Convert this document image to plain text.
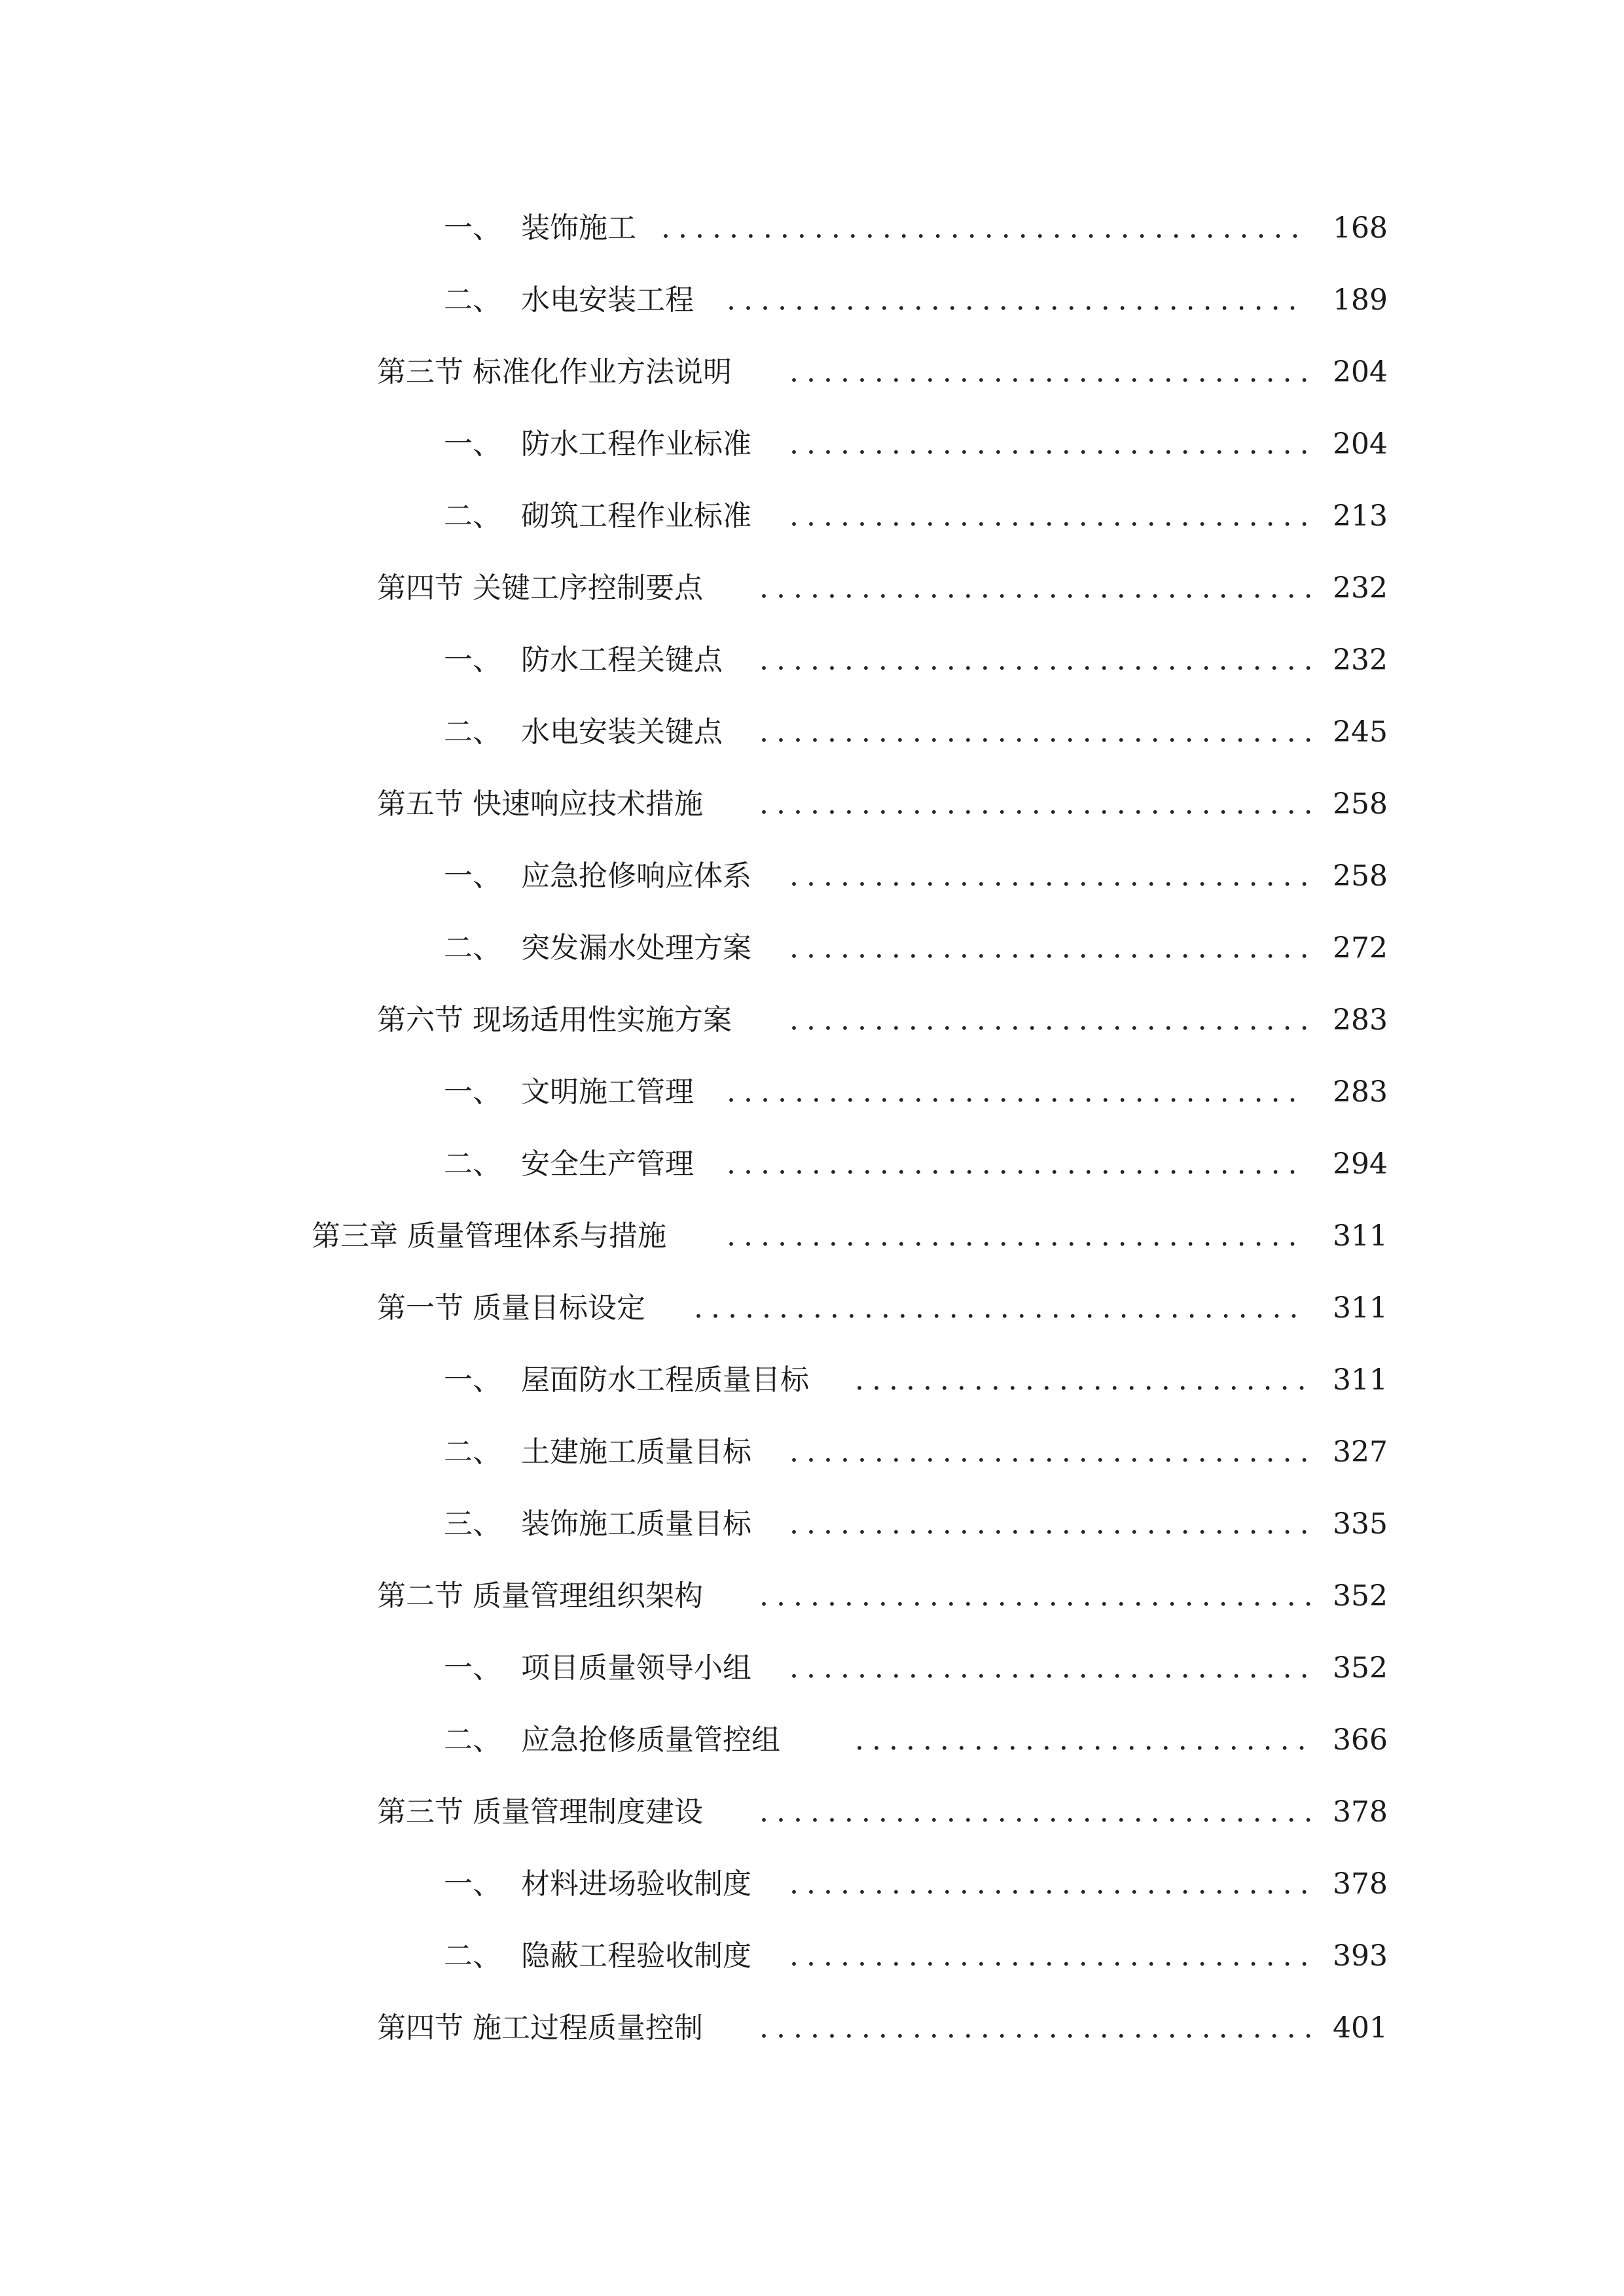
一、 装饰施工 ...................................... 168
二、 水电安装工程 .................................. 189
第三节 标准化作业方法说明 ............................... 204
一、 防水工程作业标准 ............................... 204
二、 砌筑工程作业标准 ............................... 213
第四节 关键工序控制要点 ................................. 232
一、 防水工程关键点 ................................. 232
二、 水电安装关键点 ................................. 245
第五节 快速响应技术措施 ................................. 258
一、 应急抢修响应体系 ............................... 258
二、 突发漏水处理方案 ............................... 272
第六节 现场适用性实施方案 ............................... 283
一、 文明施工管理 .................................. 283
二、 安全生产管理 .................................. 294
第三章 质量管理体系与措施 .................................. 311
第一节 质量目标设定 .................................... 311
一、 屋面防水工程质量目标 ........................... 311
二、 土建施工质量目标 ............................... 327
三、 装饰施工质量目标 ............................... 335
第二节 质量管理组织架构 ................................. 352
一、 项目质量领导小组 ............................... 352
二、 应急抢修质量管控组	........................... 366
第三节 质量管理制度建设 ................................. 378
一、 材料进场验收制度 ............................... 378
二、 隐蔽工程验收制度 ............................... 393
第四节 施工过程质量控制 ................................. 401
